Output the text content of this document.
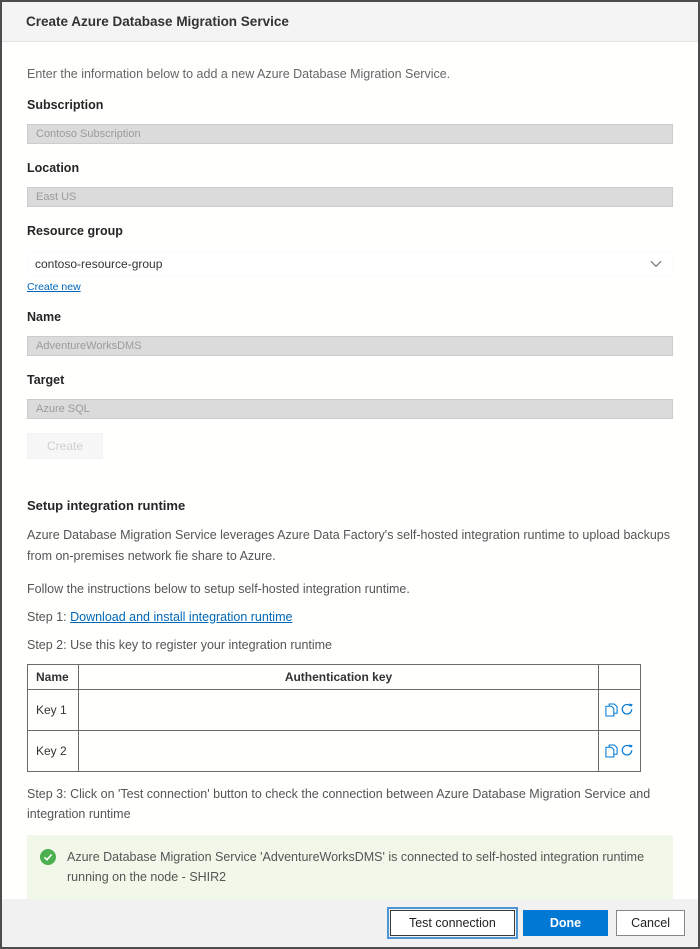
Create Azure Database Migration Service
Enter the information below to add a new Azure Database Migration Service.
Subscription
Contoso Subscription
Location
East US
Resource group
contoso-resource-group
Create new
Name
AdventureWorksDMS
Target
Azure SQL
Create
Setup integration runtime
Azure Database Migration Service leverages Azure Data Factory's self-hosted integration runtime to upload backups from on-premises network fie share to Azure.
Follow the instructions below to setup self-hosted integration runtime.
Step 1: Download and install integration runtime
Step 2: Use this key to register your integration runtime
Name	Authentication key	
Key 1		
Key 2		
Step 3: Click on 'Test connection' button to check the connection between Azure Database Migration Service and integration runtime
Azure Database Migration Service 'AdventureWorksDMS' is connected to self-hosted integration runtime running on the node - SHIR2
Test connection	Done	Cancel
